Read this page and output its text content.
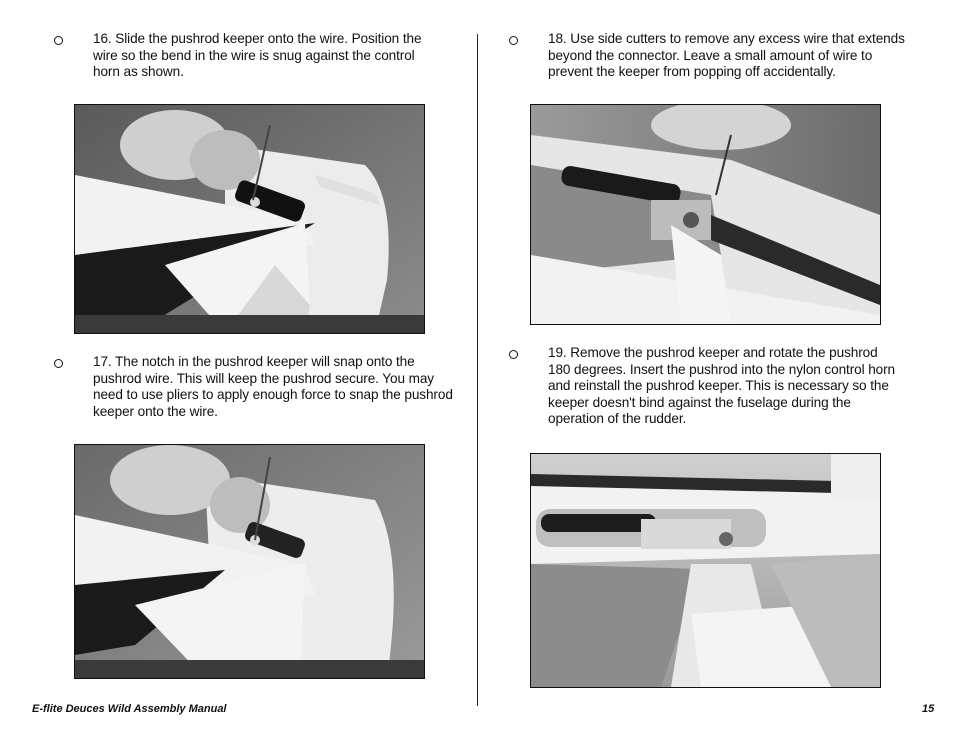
16. Slide the pushrod keeper onto the wire. Position the wire so the bend in the wire is snug against the control horn as shown.
17. The notch in the pushrod keeper will snap onto the pushrod wire. This will keep the pushrod secure. You may need to use pliers to apply enough force to snap the pushrod keeper onto the wire.
18. Use side cutters to remove any excess wire that extends beyond the connector. Leave a small amount of wire to prevent the keeper from popping off accidentally.
19. Remove the pushrod keeper and rotate the pushrod 180 degrees. Insert the pushrod into the nylon control horn and reinstall the pushrod keeper. This is necessary so the keeper doesn't bind against the fuselage during the operation of the rudder.
E-flite Deuces Wild Assembly Manual	15
